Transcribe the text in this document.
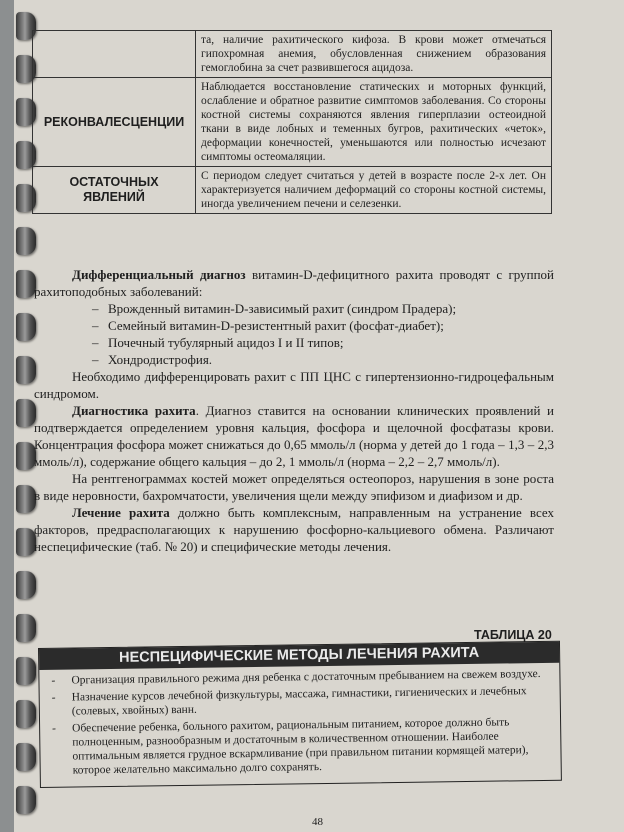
	та, наличие рахитического кифоза. В крови может отмечаться гипохромная анемия, обусловленная снижением образования гемоглобина за счет развившегося ацидоза.
РЕКОНВАЛЕСЦЕНЦИИ	Наблюдается восстановление статических и моторных функций, ослабление и обратное развитие симптомов заболевания. Со стороны костной системы сохраняются явления гиперплазии остеоидной ткани в виде лобных и теменных бугров, рахитических «четок», деформации конечностей, уменьшаются или полностью исчезают симптомы остеомаляции.
ОСТАТОЧНЫХ ЯВЛЕНИЙ	С периодом следует считаться у детей в возрасте после 2-х лет. Он характеризуется наличием деформаций со стороны костной системы, иногда увеличением печени и селезенки.

Дифференциальный диагноз витамин-D-дефицитного рахита проводят с группой рахитоподобных заболеваний:

– Врожденный витамин-D-зависимый рахит (синдром Прадера);

– Семейный витамин-D-резистентный рахит (фосфат-диабет);

– Почечный тубулярный ацидоз I и II типов;

– Хондродистрофия.

Необходимо дифференцировать рахит с ПП ЦНС с гипертензионно-гидроцефальным синдромом.

Диагностика рахита. Диагноз ставится на основании клинических проявлений и подтверждается определением уровня кальция, фосфора и щелочной фосфатазы крови. Концентрация фосфора может снижаться до 0,65 ммоль/л (норма у детей до 1 года – 1,3 – 2,3 ммоль/л), содержание общего кальция – до 2, 1 ммоль/л (норма – 2,2 – 2,7 ммоль/л).

На рентгенограммах костей может определяться остеопороз, нарушения в зоне роста в виде неровности, бахромчатости, увеличения щели между эпифизом и диафизом и др.

Лечение рахита должно быть комплексным, направленным на устранение всех факторов, предрасполагающих к нарушению фосфорно-кальциевого обмена. Различают неспецифические (таб. № 20) и специфические методы лечения.

ТАБЛИЦА 20
НЕСПЕЦИФИЧЕСКИЕ МЕТОДЫ ЛЕЧЕНИЯ РАХИТА
- Организация правильного режима дня ребенка с достаточным пребыванием на свежем воздухе.
- Назначение курсов лечебной физкультуры, массажа, гимнастики, гигиенических и лечебных (солевых, хвойных) ванн.
- Обеспечение ребенка, больного рахитом, рациональным питанием, которое должно быть полноценным, разнообразным и достаточным в количественном отношении. Наиболее оптимальным является грудное вскармливание (при правильном питании кормящей матери), которое желательно максимально долго сохранять.
48
